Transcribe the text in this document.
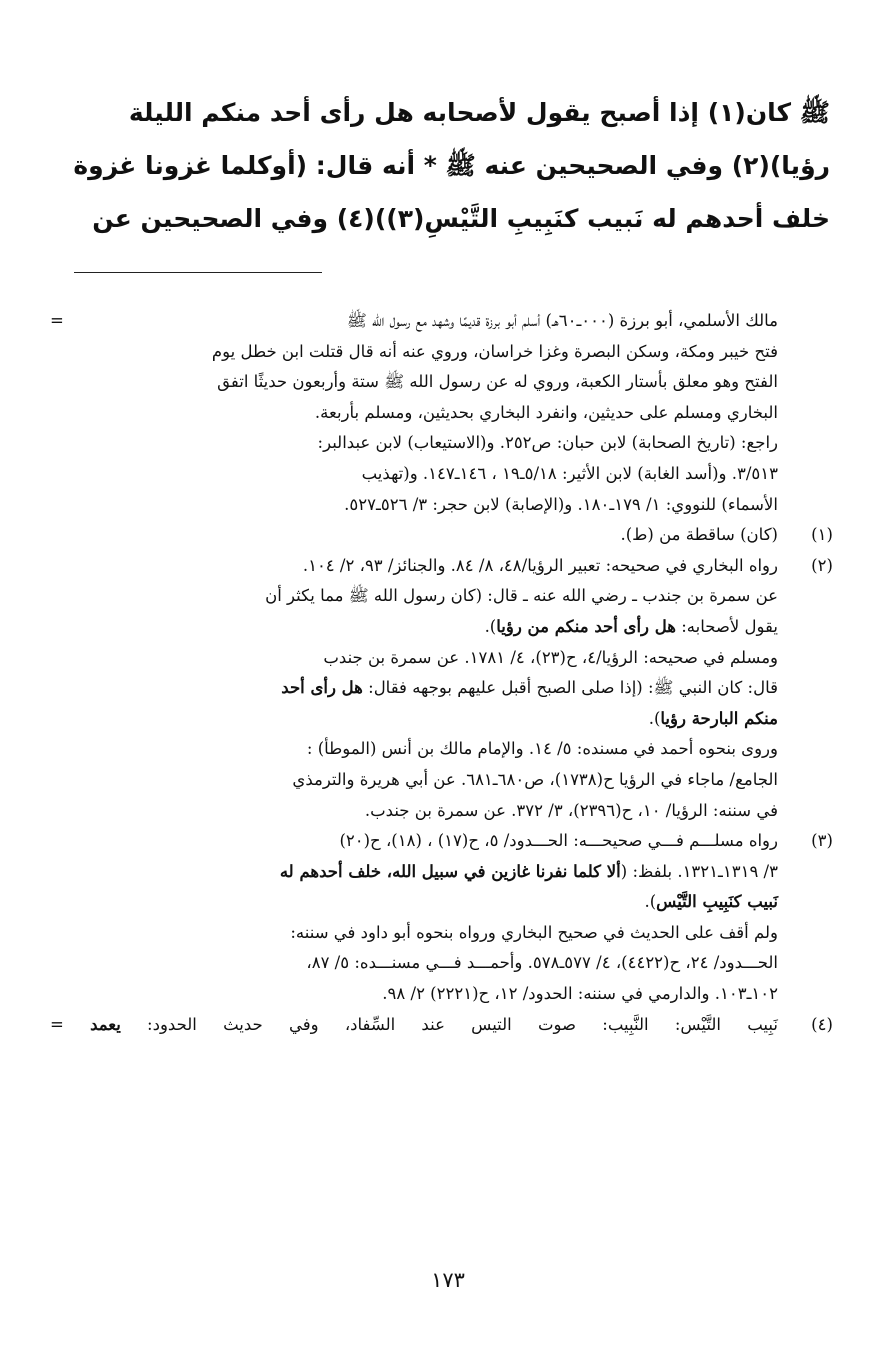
ﷺ كان(١) إذا أصبح يقول لأصحابه هل رأى أحد منكم الليلة

رؤيا)(٢) وفي الصحيحين عنه ﷺ * أنه قال: (أوكلما غزونا غزوة

خلف أحدهم له نَبيب كنَبِيبِ التَّيْسِ(٣))(٤) وفي الصحيحين عن

=	مالك الأسلمي، أبو برزة (٠٠٠ـ٦٠هـ) أسلم أبو برزة قديمًا وشهد مع رسول الله ﷺ

فتح خيبر ومكة، وسكن البصرة وغزا خراسان، وروي عنه أنه قال قتلت ابن خطل يوم

الفتح وهو معلق بأستار الكعبة، وروي له عن رسول الله ﷺ ستة وأربعون حديثًا اتفق

البخاري ومسلم على حديثين، وانفرد البخاري بحديثين، ومسلم بأربعة.

راجع: (تاريخ الصحابة) لابن حبان: ص٢٥٢. و(الاستيعاب) لابن عبدالبر:

٣/٥١٣. و(أسد الغابة) لابن الأثير: ٥/١٨ـ١٩ ، ١٤٦ـ١٤٧. و(تهذيب

الأسماء) للنووي: ١/ ١٧٩ـ١٨٠. و(الإصابة) لابن حجر: ٣/ ٥٢٦ـ٥٢٧.

(١)

(كان) ساقطة من (ط).

(٢)

رواه البخاري في صحيحه: تعبير الرؤيا/٤٨، ٨/ ٨٤. والجنائز/ ٩٣، ٢/ ١٠٤.

عن سمرة بن جندب ـ رضي الله عنه ـ قال: (كان رسول الله ﷺ مما يكثر أن

يقول لأصحابه: هل رأى أحد منكم من رؤيا).

ومسلم في صحيحه: الرؤيا/٤، ح(٢٣)، ٤/ ١٧٨١. عن سمرة بن جندب

قال: كان النبي ﷺ: (إذا صلى الصبح أقبل عليهم بوجهه فقال: هل رأى أحد

منكم البارحة رؤيا).

وروى بنحوه أحمد في مسنده: ٥/ ١٤. والإمام مالك بن أنس (الموطأ) :

الجامع/ ماجاء في الرؤيا ح(١٧٣٨)، ص٦٨٠ـ٦٨١. عن أبي هريرة والترمذي

في سننه: الرؤيا/ ١٠، ح(٢٣٩٦)، ٣/ ٣٧٢. عن سمرة بن جندب.

(٣)

رواه مسلـــم فـــي صحيحـــه: الحـــدود/ ٥، ح(١٧) ، (١٨)، ح(٢٠)

٣/ ١٣١٩ـ١٣٢١. بلفظ: (ألا كلما نفرنا غازين في سبيل الله، خلف أحدهم له

نَبيب كنَبِيبِ التَّيْس).

ولم أقف على الحديث في صحيح البخاري ورواه بنحوه أبو داود في سننه:

الحـــدود/ ٢٤، ح(٤٤٢٢)، ٤/ ٥٧٧ـ٥٧٨. وأحمـــد فـــي مسنـــده: ٥/ ٨٧،

١٠٢ـ١٠٣. والدارمي في سننه: الحدود/ ١٢، ح(٢٢٢١) ٢/ ٩٨.

(٤)

نَبِيب التَّيْس: النَّبِيب: صوت التيس عند السِّفاد، وفي حديث الحدود: يعمد =

١٧٣
